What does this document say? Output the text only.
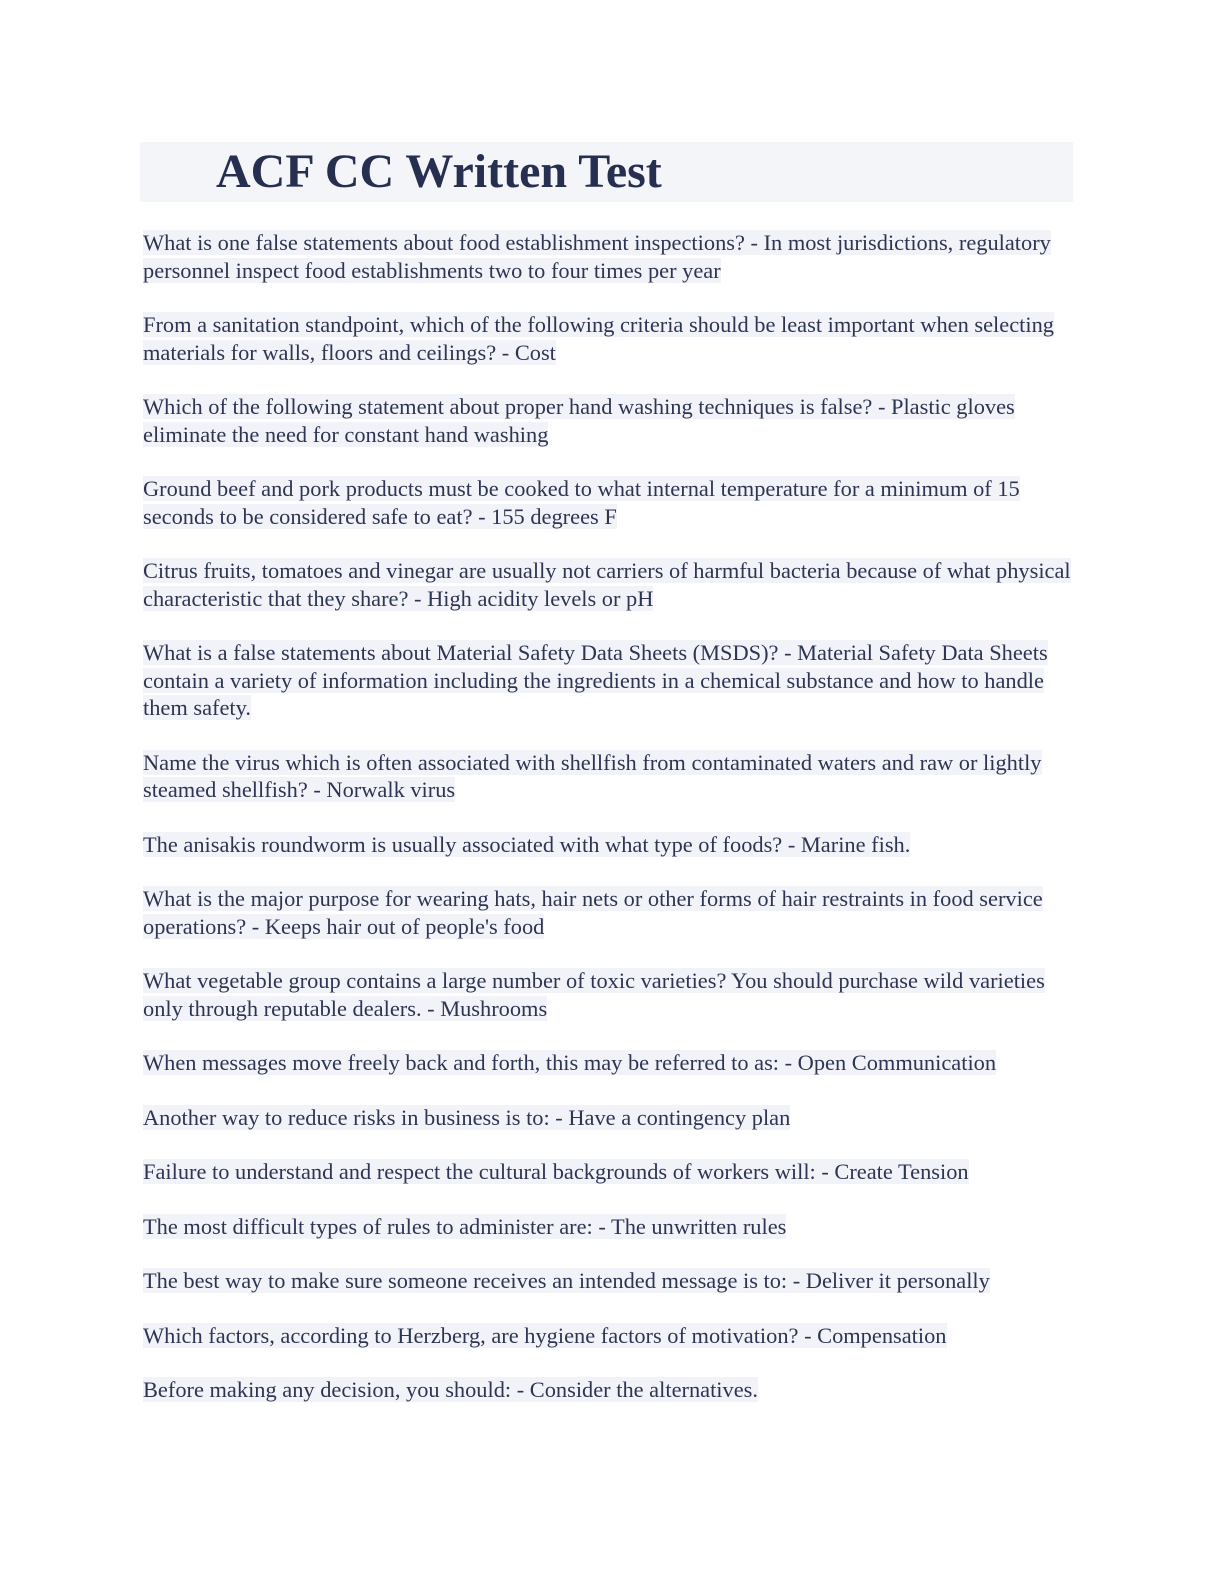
ACF CC Written Test
What is one false statements about food establishment inspections? - In most jurisdictions, regulatory personnel inspect food establishments two to four times per year
From a sanitation standpoint, which of the following criteria should be least important when selecting materials for walls, floors and ceilings? - Cost
Which of the following statement about proper hand washing techniques is false? - Plastic gloves eliminate the need for constant hand washing
Ground beef and pork products must be cooked to what internal temperature for a minimum of 15 seconds to be considered safe to eat? - 155 degrees F
Citrus fruits, tomatoes and vinegar are usually not carriers of harmful bacteria because of what physical characteristic that they share? - High acidity levels or pH
What is a false statements about Material Safety Data Sheets (MSDS)? - Material Safety Data Sheets contain a variety of information including the ingredients in a chemical substance and how to handle them safety.
Name the virus which is often associated with shellfish from contaminated waters and raw or lightly steamed shellfish? - Norwalk virus
The anisakis roundworm is usually associated with what type of foods? - Marine fish.
What is the major purpose for wearing hats, hair nets or other forms of hair restraints in food service operations? - Keeps hair out of people's food
What vegetable group contains a large number of toxic varieties? You should purchase wild varieties only through reputable dealers. - Mushrooms
When messages move freely back and forth, this may be referred to as: - Open Communication
Another way to reduce risks in business is to: - Have a contingency plan
Failure to understand and respect the cultural backgrounds of workers will: - Create Tension
The most difficult types of rules to administer are: - The unwritten rules
The best way to make sure someone receives an intended message is to: - Deliver it personally
Which factors, according to Herzberg, are hygiene factors of motivation? - Compensation
Before making any decision, you should: - Consider the alternatives.
